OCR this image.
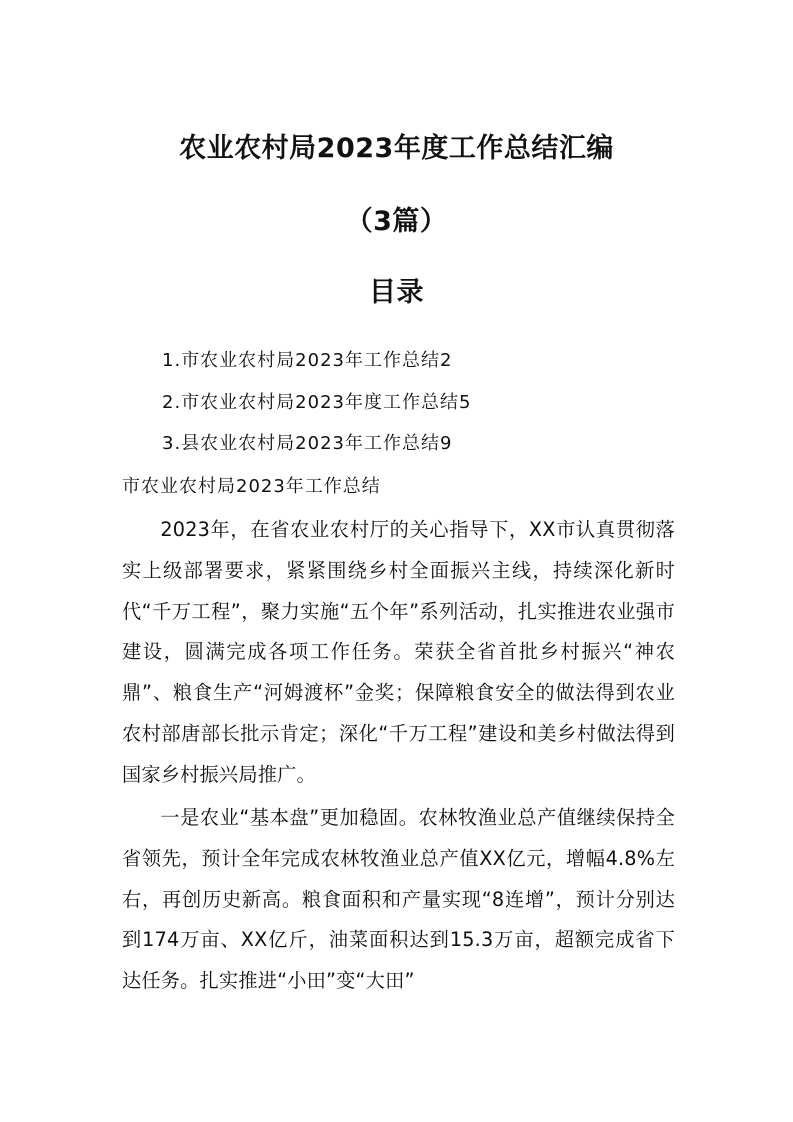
农业农村局2023年度工作总结汇编
（3篇）
目录
1.市农业农村局2023年工作总结2
2.市农业农村局2023年度工作总结5
3.县农业农村局2023年工作总结9
市农业农村局2023年工作总结
2023年，在省农业农村厅的关心指导下，XX市认真贯彻落实上级部署要求，紧紧围绕乡村全面振兴主线，持续深化新时代“千万工程”，聚力实施“五个年”系列活动，扎实推进农业强市建设，圆满完成各项工作任务。荣获全省首批乡村振兴“神农鼎”、粮食生产“河姆渡杯”金奖；保障粮食安全的做法得到农业农村部唐部长批示肯定；深化“千万工程”建设和美乡村做法得到国家乡村振兴局推广。
一是农业“基本盘”更加稳固。农林牧渔业总产值继续保持全省领先，预计全年完成农林牧渔业总产值XX亿元，增幅4.8%左右，再创历史新高。粮食面积和产量实现“8连增”，预计分别达到174万亩、XX亿斤，油菜面积达到15.3万亩，超额完成省下达任务。扎实推进“小田”变“大田”
